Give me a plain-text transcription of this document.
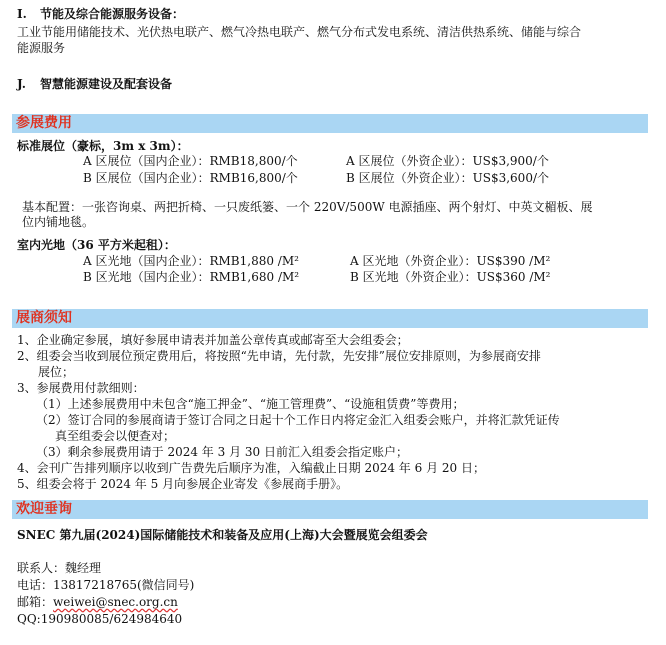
I. 节能及综合能源服务设备：
工业节能用储能技术、光伏热电联产、燃气冷热电联产、燃气分布式发电系统、清洁供热系统、储能与综合
能源服务
J. 智慧能源建设及配套设备
参展费用
标准展位（豪标，3m x 3m）：
A 区展位（国内企业）：RMB18,800/个	A 区展位（外资企业）：US$3,900/个
B 区展位（国内企业）：RMB16,800/个	B 区展位（外资企业）：US$3,600/个
基本配置：一张咨询桌、两把折椅、一只废纸篓、一个 220V/500W 电源插座、两个射灯、中英文楣板、展
位内铺地毯。
室内光地（36 平方米起租）：
A 区光地（国内企业）：RMB1,880 /M²	A 区光地（外资企业）：US$390 /M²
B 区光地（国内企业）：RMB1,680 /M²	B 区光地（外资企业）：US$360 /M²
展商须知
1、企业确定参展，填好参展申请表并加盖公章传真或邮寄至大会组委会；
2、组委会当收到展位预定费用后，将按照“先申请，先付款，先安排”展位安排原则，为参展商安排
展位；
3、参展费用付款细则：
（1）上述参展费用中未包含“施工押金”、“施工管理费”、“设施租赁费”等费用；
（2）签订合同的参展商请于签订合同之日起十个工作日内将定金汇入组委会账户，并将汇款凭证传
真至组委会以便查对；
（3）剩余参展费用请于 2024 年 3 月 30 日前汇入组委会指定账户；
4、会刊广告排列顺序以收到广告费先后顺序为准，入编截止日期 2024 年 6 月 20 日；
5、组委会将于 2024 年 5 月向参展企业寄发《参展商手册》。
欢迎垂询
SNEC 第九届(2024)国际储能技术和装备及应用(上海)大会暨展览会组委会
联系人：魏经理
电话：13817218765(微信同号)
邮箱：weiwei@snec.org.cn
QQ:190980085/624984640
